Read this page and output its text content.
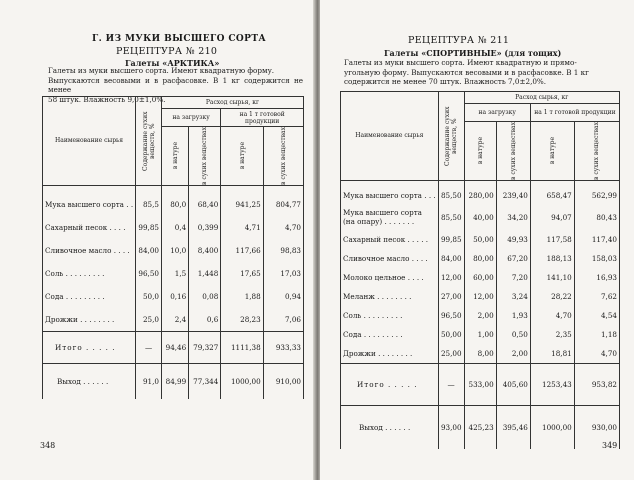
Г. ИЗ МУКИ ВЫСШЕГО СОРТА
РЕЦЕПТУРА № 210
Галеты «АРКТИКА»
Галеты из муки высшего сорта. Имеют квадратную форму.
Выпускаются весовыми и в расфасовке. В 1 кг содержится не менее
58 штук. Влажность 9,0±1,0%.
Наименование сырья	Содержание сухих веществ, %	Расход сырья, кг			
		на загрузку		на 1 т готовой продукции	

		в натуре	в сухих веществах	в натуре	в сухих веществах

Мука высшего сорта . .	85,5	80,0	68,40	941,25	804,77
Сахарный песок . . . .	99,85	0,4	0,399	4,71	4,70
Сливочное масло . . . .	84,00	10,0	8,400	117,66	98,83
Соль . . . . . . . . .	96,50	1,5	1,448	17,65	17,03
Сода . . . . . . . . .	50,0	0,16	0,08	1,88	0,94
Дрожжи . . . . . . . .	25,0	2,4	0,6	28,23	7,06
Итого . . . . .	—	94,46	79,327	1111,38	933,33
Выход . . . . . .	91,0	84,99	77,344	1000,00	910,00
348
РЕЦЕПТУРА № 211
Галеты «СПОРТИВНЫЕ» (для тощих)
Галеты из муки высшего сорта. Имеют квадратную и прямо-
угольную форму. Выпускаются весовыми и в расфасовке. В 1 кг
содержится не менее 70 штук. Влажность 7,0±2,0%.
Наименование сырья	Содержание сухих веществ, %	Расход сырья, кг			
		на загрузку		на 1 т готовой продукции	

		в натуре	в сухих веществах	в натуре	в сухих веществах

Мука высшего сорта . . .	85,50	280,00	239,40	658,47	562,99
Мука высшего сорта (на опару) . . . . . . .	85,50	40,00	34,20	94,07	80,43
Сахарный песок . . . . .	99,85	50,00	49,93	117,58	117,40
Сливочное масло . . . .	84,00	80,00	67,20	188,13	158,03
Молоко цельное . . . .	12,00	60,00	7,20	141,10	16,93
Меланж . . . . . . . .	27,00	12,00	3,24	28,22	7,62
Соль . . . . . . . . .	96,50	2,00	1,93	4,70	4,54
Сода . . . . . . . . .	50,00	1,00	0,50	2,35	1,18
Дрожжи . . . . . . . .	25,00	8,00	2,00	18,81	4,70
Итого . . . . .	—	533,00	405,60	1253,43	953,82
Выход . . . . . .	93,00	425,23	395,46	1000,00	930,00
349
